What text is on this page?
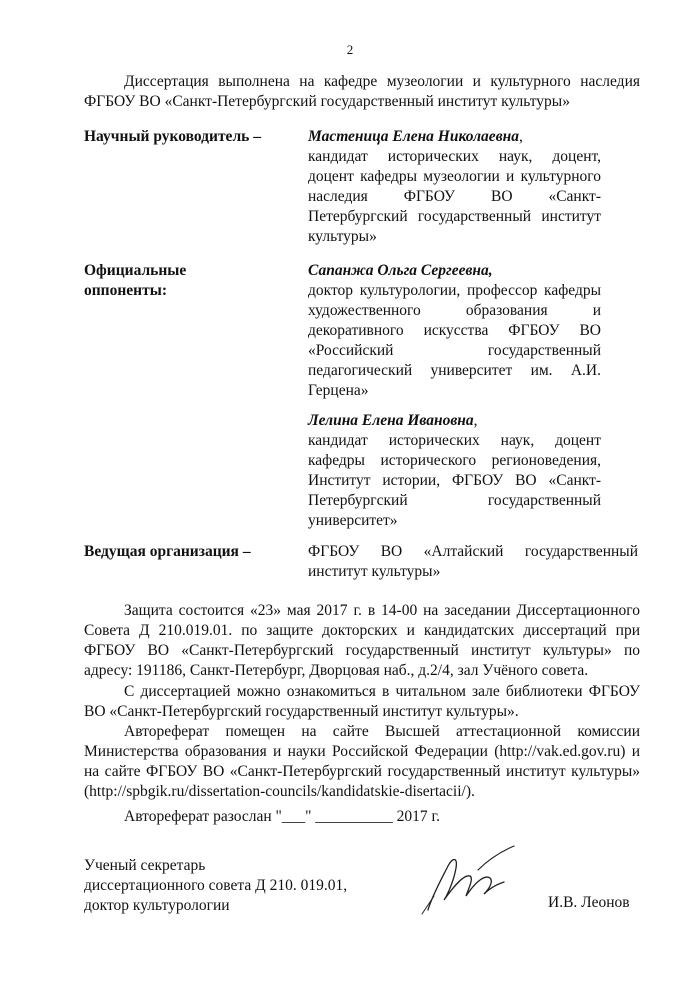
2
Диссертация выполнена на кафедре музеологии и культурного наследия ФГБОУ ВО «Санкт-Петербургский государственный институт культуры»
Научный руководитель –	Мастеница Елена Николаевна,
кандидат исторических наук, доцент, доцент кафедры музеологии и культурного наследия ФГБОУ ВО «Санкт-Петербургский государственный институт культуры»
Официальные оппоненты:
Сапанжа Ольга Сергеевна,
доктор культурологии, профессор кафедры художественного образования и декоративного искусства ФГБОУ ВО «Российский государственный педагогический университет им. А.И. Герцена»
Лелина Елена Ивановна,
кандидат исторических наук, доцент кафедры исторического регионоведения, Институт истории, ФГБОУ ВО «Санкт-Петербургский государственный университет»
Ведущая организация –	ФГБОУ ВО «Алтайский государственный институт культуры»
Защита состоится «23» мая 2017 г. в 14-00 на заседании Диссертационного Совета Д 210.019.01. по защите докторских и кандидатских диссертаций при ФГБОУ ВО «Санкт-Петербургский государственный институт культуры» по адресу: 191186, Санкт-Петербург, Дворцовая наб., д.2/4, зал Учёного совета.
С диссертацией можно ознакомиться в читальном зале библиотеки ФГБОУ ВО «Санкт-Петербургский государственный институт культуры».
Автореферат помещен на сайте Высшей аттестационной комиссии Министерства образования и науки Российской Федерации (http://vak.ed.gov.ru) и на сайте ФГБОУ ВО «Санкт-Петербургский государственный институт культуры» (http://spbgik.ru/dissertation-councils/kandidatskie-disertacii/).
Автореферат разослан "___" __________ 2017 г.
Ученый секретарь
диссертационного совета Д 210. 019.01,
доктор культурологии	И.В. Леонов
